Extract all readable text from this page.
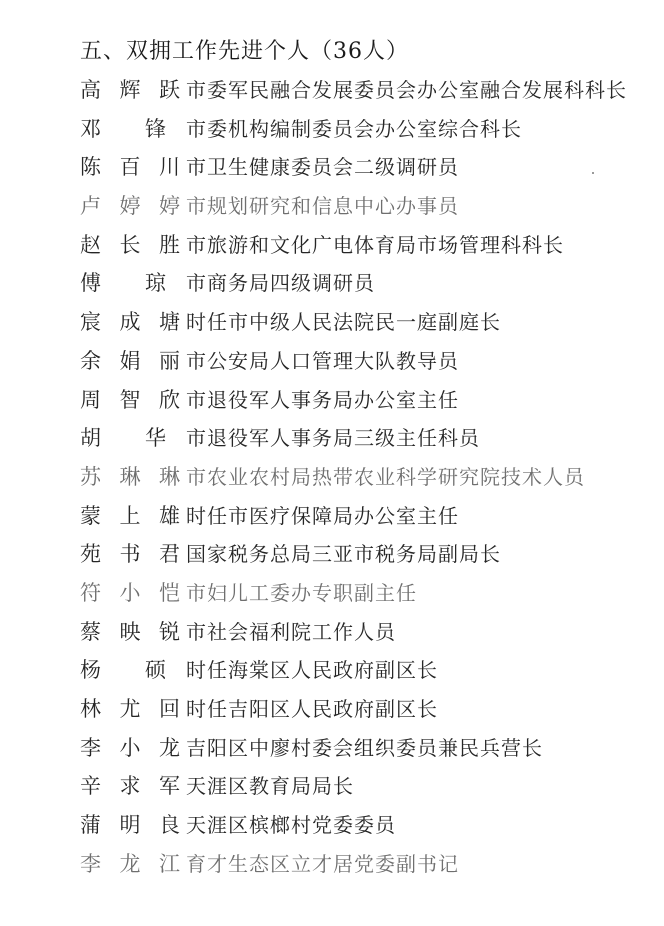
五、双拥工作先进个人（36人）
高辉跃 市委军民融合发展委员会办公室融合发展科科长
邓 锋 市委机构编制委员会办公室综合科长
陈百川 市卫生健康委员会二级调研员
卢婷婷 市规划研究和信息中心办事员
赵长胜 市旅游和文化广电体育局市场管理科科长
傅 琼 市商务局四级调研员
宸成塘 时任市中级人民法院民一庭副庭长
余娟丽 市公安局人口管理大队教导员
周智欣 市退役军人事务局办公室主任
胡 华 市退役军人事务局三级主任科员
苏琳琳 市农业农村局热带农业科学研究院技术人员
蒙上雄 时任市医疗保障局办公室主任
苑书君 国家税务总局三亚市税务局副局长
符小恺 市妇儿工委办专职副主任
蔡映锐 市社会福利院工作人员
杨 硕 时任海棠区人民政府副区长
林尤回 时任吉阳区人民政府副区长
李小龙 吉阳区中廖村委会组织委员兼民兵营长
辛求军 天涯区教育局局长
蒲明良 天涯区槟榔村党委委员
李龙江 育才生态区立才居党委副书记
